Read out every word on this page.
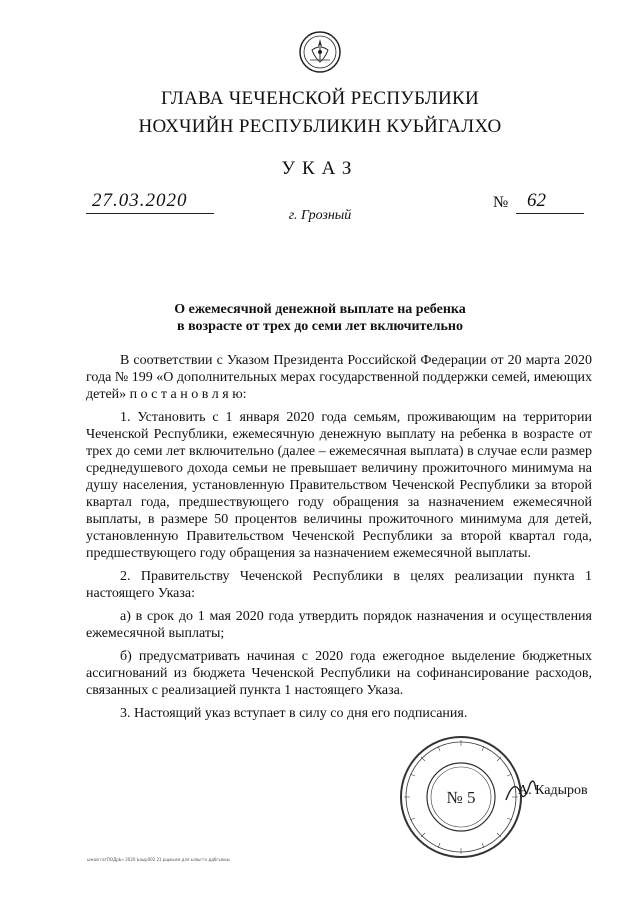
ГЛАВА ЧЕЧЕНСКОЙ РЕСПУБЛИКИ
НОХЧИЙН РЕСПУБЛИКИН КУЬЙГАЛХО
УКАЗ
27.03.2020	№ 62
г. Грозный
О ежемесячной денежной выплате на ребенка
в возрасте от трех до семи лет включительно

В соответствии с Указом Президента Российской Федерации от 20 марта 2020 года № 199 «О дополнительных мерах государственной поддержки семей, имеющих детей» п о с т а н о в л я ю:

1. Установить с 1 января 2020 года семьям, проживающим на территории Чеченской Республики, ежемесячную денежную выплату на ребенка в возрасте от трех до семи лет включительно (далее – ежемесячная выплата) в случае если размер среднедушевого дохода семьи не превышает величину прожиточного минимума на душу населения, установленную Правительством Чеченской Республики за второй квартал года, предшествующего году обращения за назначением ежемесячной выплаты, в размере 50 процентов величины прожиточного минимума для детей, установленную Правительством Чеченской Республики за второй квартал года, предшествующего году обращения за назначением ежемесячной выплаты.

2. Правительству Чеченской Республики в целях реализации пункта 1 настоящего Указа:

а) в срок до 1 мая 2020 года утвердить порядок назначения и осуществления ежемесячной выплаты;

б) предусматривать начиная с 2020 года ежегодное выделение бюджетных ассигнований из бюджета Чеченской Республики на софинансирование расходов, связанных с реализацией пункта 1 настоящего Указа.

3. Настоящий указ вступает в силу со дня его подписания.

№ 5	А. Кадыров
ыжой гатПОДрЬ» 2020 Ьаыр002 21 рщюьем для ьлвьггн ддбгьоюы
